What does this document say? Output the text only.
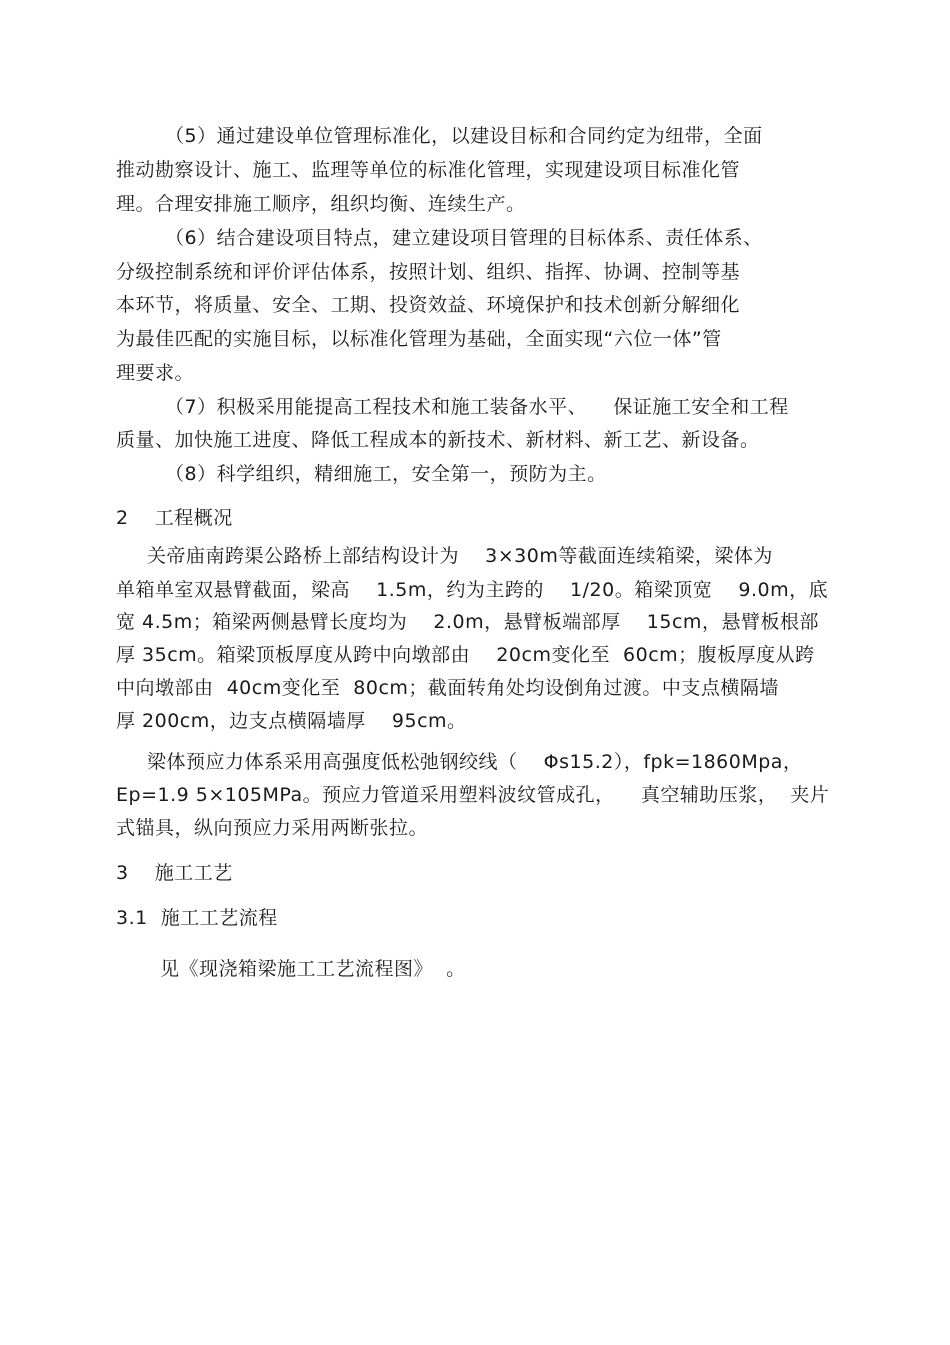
（5）通过建设单位管理标准化，以建设目标和合同约定为纽带，全面
推动勘察设计、施工、监理等单位的标准化管理，实现建设项目标准化管
理。合理安排施工顺序，组织均衡、连续生产。
（6）结合建设项目特点，建立建设项目管理的目标体系、责任体系、
分级控制系统和评价评估体系，按照计划、组织、指挥、协调、控制等基
本环节，将质量、安全、工期、投资效益、环境保护和技术创新分解细化
为最佳匹配的实施目标，以标准化管理为基础，全面实现“六位一体”管
理要求。
（7）积极采用能提高工程技术和施工装备水平、    保证施工安全和工程
质量、加快施工进度、降低工程成本的新技术、新材料、新工艺、新设备。
（8）科学组织，精细施工，安全第一，预防为主。
2    工程概况
关帝庙南跨渠公路桥上部结构设计为    3×30m等截面连续箱梁，梁体为
单箱单室双悬臂截面，梁高    1.5m，约为主跨的    1/20。箱梁顶宽    9.0m，底
宽 4.5m；箱梁两侧悬臂长度均为    2.0m，悬臂板端部厚    15cm，悬臂板根部
厚 35cm。箱梁顶板厚度从跨中向墩部由    20cm变化至  60cm；腹板厚度从跨
中向墩部由  40cm变化至  80cm；截面转角处均设倒角过渡。中支点横隔墙
厚 200cm，边支点横隔墙厚    95cm。
梁体预应力体系采用高强度低松弛钢绞线（    Φs15.2），fpk=1860Mpa，
Ep=1.9 5×105MPa。预应力管道采用塑料波纹管成孔，    真空辅助压浆，  夹片
式锚具，纵向预应力采用两断张拉。
3    施工工艺
3.1  施工工艺流程
见《现浇箱梁施工工艺流程图》  。
